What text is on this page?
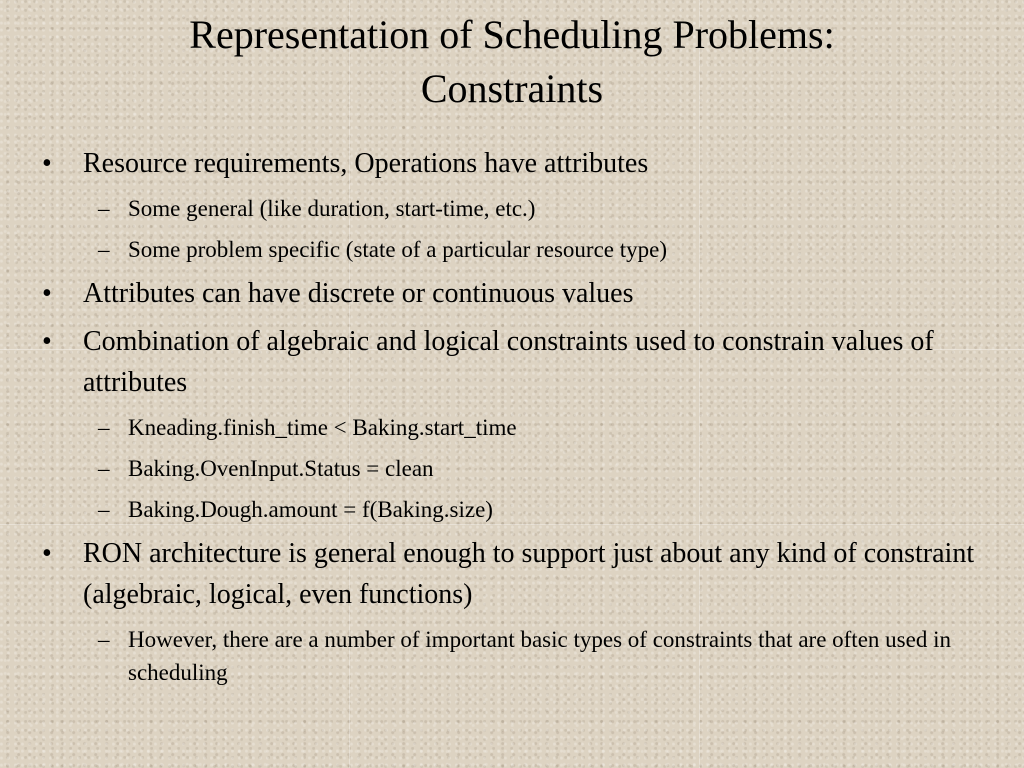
Representation of Scheduling Problems:
Constraints
• Resource requirements, Operations have attributes
– Some general (like duration, start-time, etc.)
– Some problem specific (state of a particular resource type)
• Attributes can have discrete or continuous values
• Combination of algebraic and logical constraints used to constrain values of attributes
– Kneading.finish_time < Baking.start_time
– Baking.OvenInput.Status = clean
– Baking.Dough.amount = f(Baking.size)
• RON architecture is general enough to support just about any kind of constraint (algebraic, logical, even functions)
– However, there are a number of important basic types of constraints that are often used in scheduling
